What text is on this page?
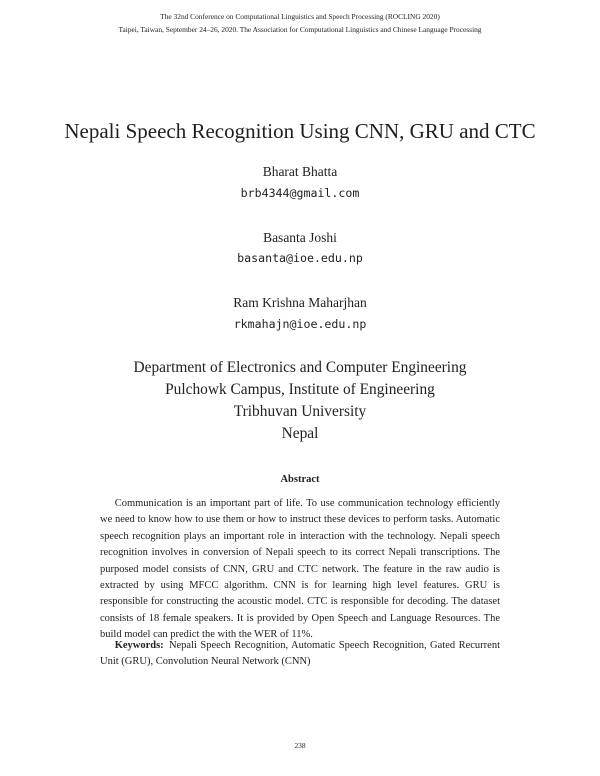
The 32nd Conference on Computational Linguistics and Speech Processing (ROCLING 2020)
Taipei, Taiwan, September 24–26, 2020. The Association for Computational Linguistics and Chinese Language Processing
Nepali Speech Recognition Using CNN, GRU and CTC
Bharat Bhatta
brb4344@gmail.com
Basanta Joshi
basanta@ioe.edu.np
Ram Krishna Maharjhan
rkmahajn@ioe.edu.np
Department of Electronics and Computer Engineering
Pulchowk Campus, Institute of Engineering
Tribhuvan University
Nepal
Abstract

Communication is an important part of life. To use communication technology efficiently we need to know how to use them or how to instruct these devices to perform tasks. Automatic speech recognition plays an important role in interaction with the technology. Nepali speech recognition involves in conversion of Nepali speech to its correct Nepali transcriptions. The purposed model consists of CNN, GRU and CTC network. The feature in the raw audio is extracted by using MFCC algorithm. CNN is for learning high level features. GRU is responsible for constructing the acoustic model. CTC is responsible for decoding. The dataset consists of 18 female speakers. It is provided by Open Speech and Language Resources. The build model can predict the with the WER of 11%.

Keywords: Nepali Speech Recognition, Automatic Speech Recognition, Gated Recurrent Unit (GRU), Convolution Neural Network (CNN)
238
